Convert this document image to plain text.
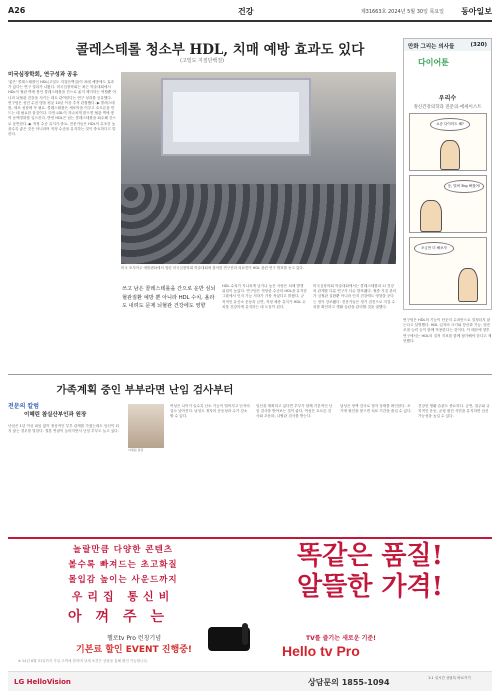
A26	건강	제31663호 2024년 5월 30일 목요일 동아일보
콜레스테롤 청소부 HDL, 치매 예방 효과도 있다
(고밀도 지질단백질)
미국심장학회, 연구성과 공유
'좋은' 콜레스테롤인 HDL(고밀도 지질단백질)이 치매 예방에도 효과가 있다는 연구 결과가 나왔다. 미국심장학회는 최근 학술대회에서 HDL이 혈관 벽에 쌓인 콜레스테롤을 간으로 옮겨 제거하는 역할뿐 아니라 뇌혈관 건강을 지키는 데도 관여한다는 연구 성과를 공유했다. 연구팀은 성인 수천 명을 평균 10년 이상 추적 관찰했다. ▶ 콜레스테롤, 세포 성장에 꼭 필요. 콜레스테롤은 세포막을 이루고 호르몬을 만드는 데 필요한 물질이다. 다만 LDL이 지나치게 많으면 혈관 벽에 쌓여 동맥경화를 일으킨다. 반면 HDL은 남는 콜레스테롤을 회수해 간으로 운반한다. ▶ 적정 수준 유지가 중요. 전문가들은 HDL이 무조건 높을수록 좋은 것은 아니라며 적정 수준을 유지하는 것이 중요하다고 말한다.
미국 조지아주 애틀랜타에서 열린 미국심장학회 학술대회에 참석한 연구진과 의료진이 HDL 관련 연구 발표를 듣고 있다.
쓰고 남은 콜레스테롤을 간으로 운반 심뇌혈관질환 예방 뿐 아니라 HDL 수치, 올라도 내려도 문제 뇌혈관 건강에도 영향
HDL 수치가 지나치게 낮거나 높은 사람은 치매 발생 위험이 높았다. 연구팀은 적당한 수준의 HDL을 유지한 그룹에서 인지 기능 저하가 가장 적었다고 밝혔다. 규칙적인 유산소 운동과 금연, 적정 체중 유지가 HDL 수치를 건강하게 유지하는 데 도움이 된다.
미국심장학회 학술대회에서는 콜레스테롤과 뇌 건강의 관계를 다룬 연구가 다수 발표됐다. 혈중 지질 관리가 심혈관 질환뿐 아니라 인지 건강에도 영향을 준다는 점이 강조됐다. 전문가들은 정기 검진으로 지질 수치를 확인하고 생활 습관을 관리할 것을 권했다.
만화 그리는 의사들	(320)
다이어툰
우리수
정신건강의학과 전문의·에세이스트
요즘 다이어트 해?
응, 벌써 3kg 빠졌어!
조금만 더 해보자
연구팀은 HDL의 기능이 단순히 수치만으로 결정되지 않는다고 설명했다. HDL 입자의 크기와 항산화 기능, 염증 조절 능력 등이 함께 작용한다는 것이다. 이 때문에 향후 연구에서는 HDL의 질적 지표를 함께 평가해야 한다고 제언했다.
가족계획 중인 부부라면 난임 검사부터
전문의 칼럼
이혜린 참실산부인과 원장
이혜린 원장
난임은 1년 이상 피임 없이 정상적인 부부 관계를 가졌는데도 임신이 되지 않는 경우를 말한다. 결혼 연령이 늦어지면서 난임 부부도 늘고 있다.
여성은 나이가 들수록 난소 기능이 떨어지고 난자의 질도 낮아진다. 남성도 정자의 운동성과 수가 감소할 수 있다.
임신을 계획하고 있다면 부부가 함께 기본적인 난임 검사를 받아보는 것이 좋다. 여성은 호르몬 검사와 초음파, 나팔관 검사를 받는다.
남성은 정액 검사로 정자 상태를 확인한다. 조기에 원인을 찾으면 치료 기간을 줄일 수 있다.
건강한 생활 습관도 중요하다. 금연, 절주와 규칙적인 운동, 균형 잡힌 식단을 유지하면 임신 가능성을 높일 수 있다.
놀랄만큼 다양한 콘텐츠
볼수록 빠져드는 초고화질
몰입감 높이는 사운드까지
우리집 통신비
아껴주는
똑같은 품질!
알뜰한 가격!
헬로tv Pro 런칭기념
기본료 할인 EVENT 진행중!
※ 24년 6월 31일까지 가입 고객에 한하며 상세 조건은 상담을 통해 확인 가능합니다.
TV를 즐기는 새로운 기준!
Hello tv Pro
LG HelloVision	상담문의 1855-1094	1:1 실시간 상담톡 바로가기
